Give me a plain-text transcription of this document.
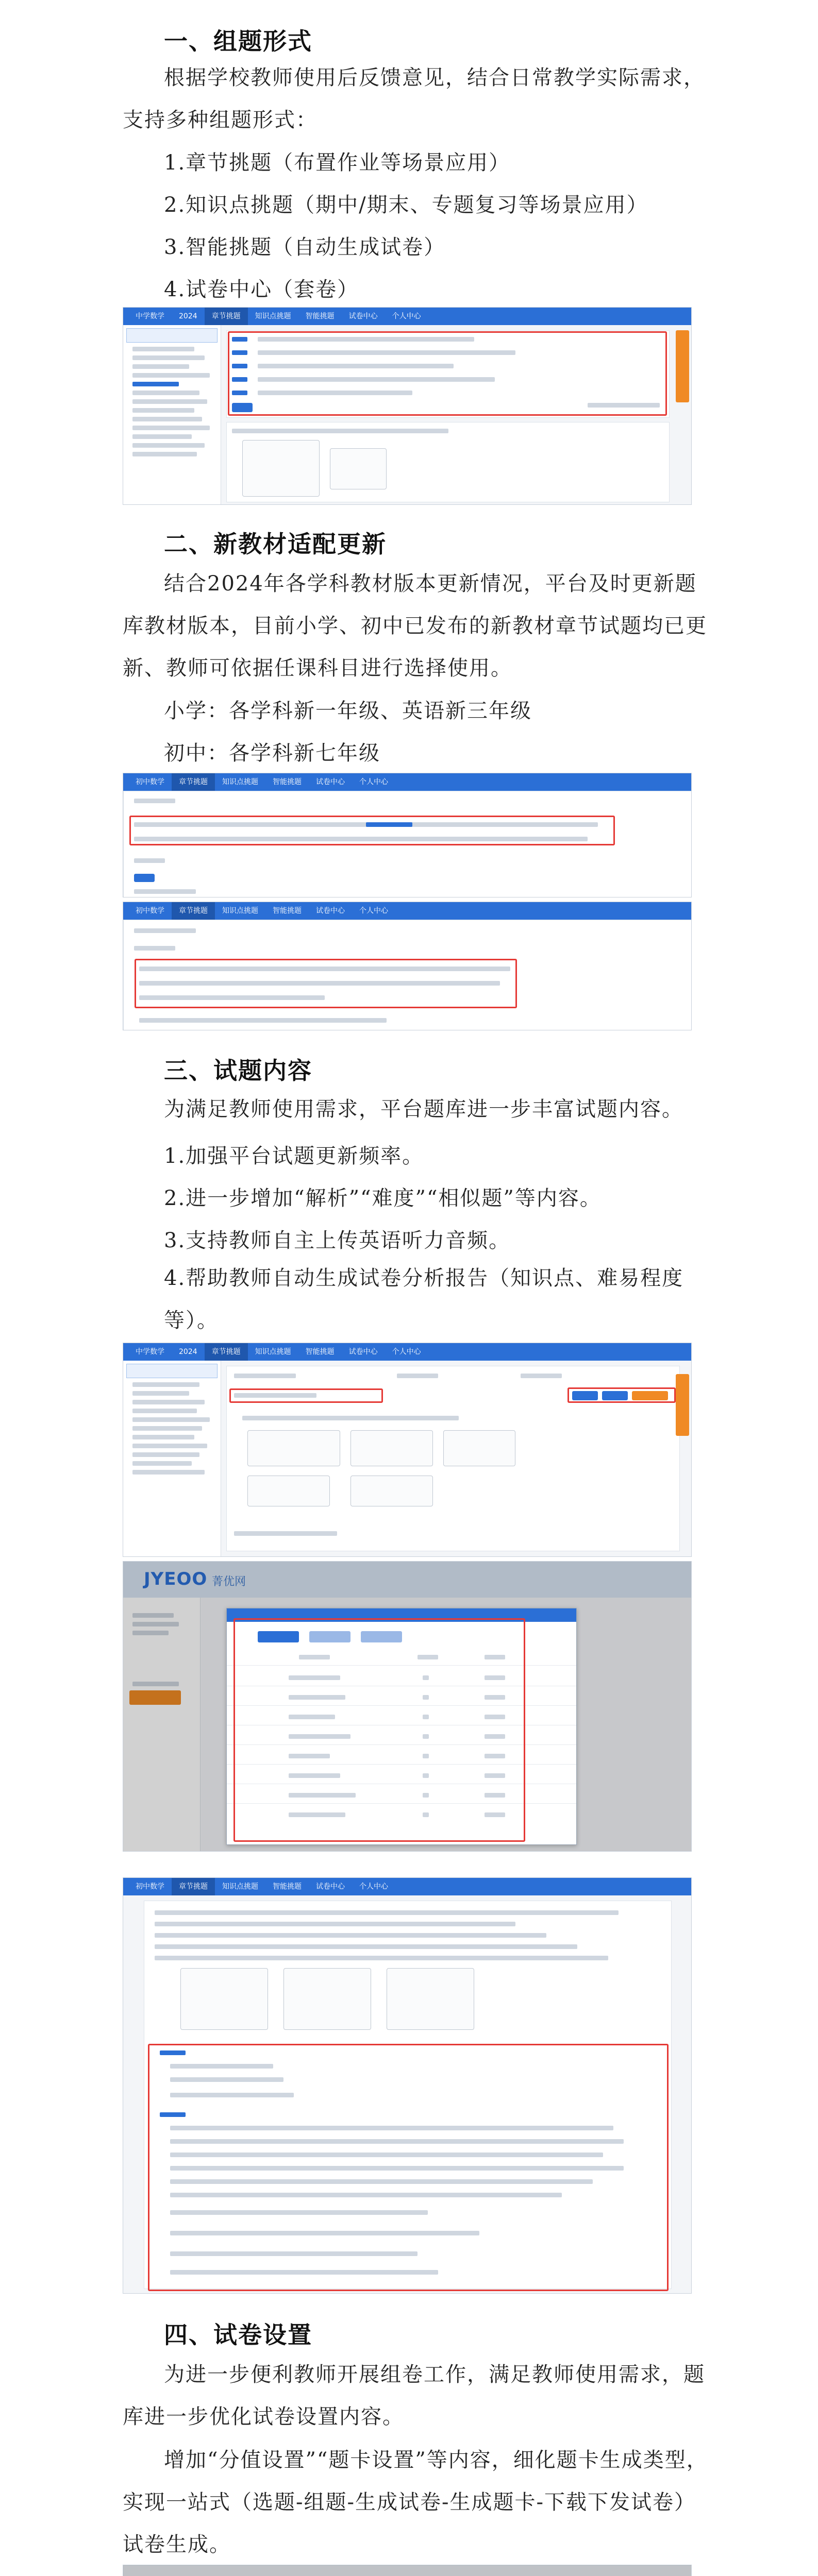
一、组题形式
根据学校教师使用后反馈意见，结合日常教学实际需求，支持多种组题形式：
1.章节挑题（布置作业等场景应用）
2.知识点挑题（期中/期末、专题复习等场景应用）
3.智能挑题（自动生成试卷）
4.试卷中心（套卷）
中学数学	2024	章节挑题	知识点挑题	智能挑题	试卷中心	个人中心
二、新教材适配更新
结合2024年各学科教材版本更新情况，平台及时更新题库教材版本，目前小学、初中已发布的新教材章节试题均已更新、教师可依据任课科目进行选择使用。
小学：各学科新一年级、英语新三年级
初中：各学科新七年级
初中数学	章节挑题	知识点挑题	智能挑题	试卷中心	个人中心
初中数学	章节挑题	知识点挑题	智能挑题	试卷中心	个人中心
三、试题内容
为满足教师使用需求，平台题库进一步丰富试题内容。
1.加强平台试题更新频率。
2.进一步增加“解析”“难度”“相似题”等内容。
3.支持教师自主上传英语听力音频。
4.帮助教师自动生成试卷分析报告（知识点、难易程度等）。
中学数学	2024	章节挑题	知识点挑题	智能挑题	试卷中心	个人中心
JYEOO 菁优网
初中数学	章节挑题	知识点挑题	智能挑题	试卷中心	个人中心
四、试卷设置
为进一步便利教师开展组卷工作，满足教师使用需求，题库进一步优化试卷设置内容。
增加“分值设置”“题卡设置”等内容，细化题卡生成类型，实现一站式（选题-组题-生成试卷-生成题卡-下载下发试卷）试卷生成。
